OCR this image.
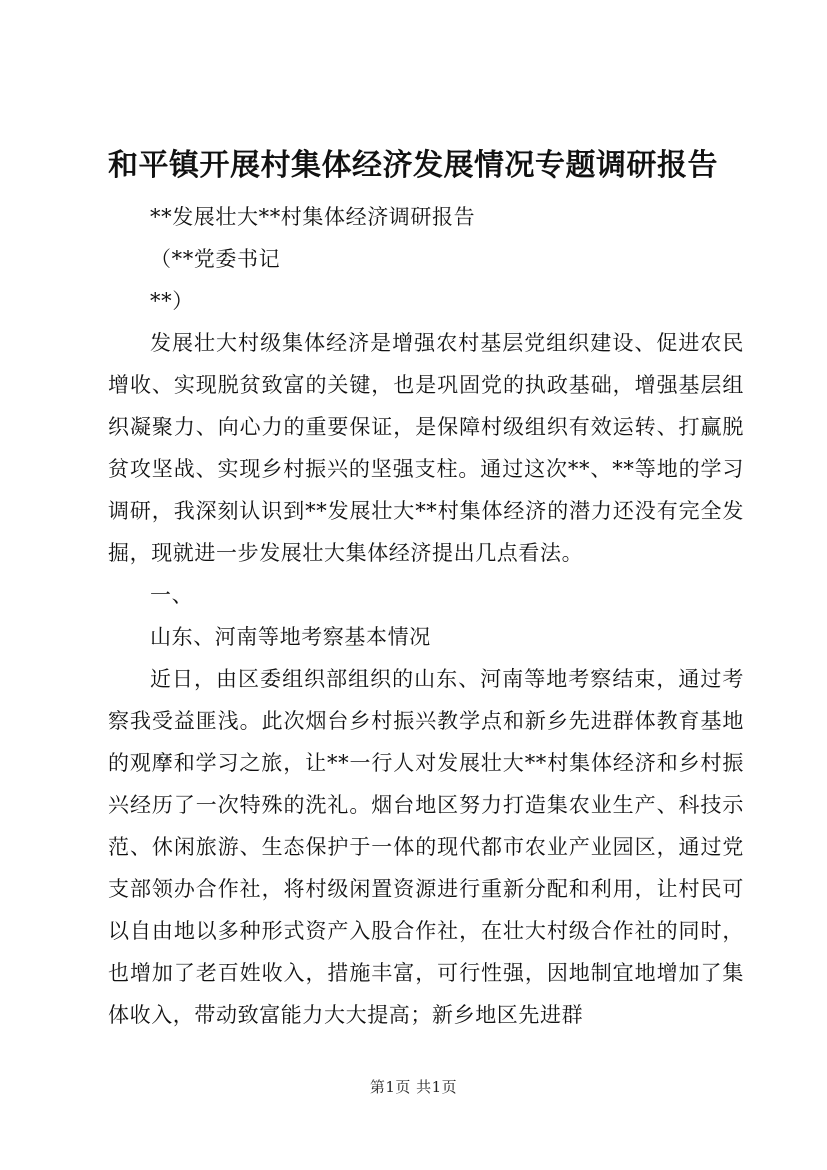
和平镇开展村集体经济发展情况专题调研报告

**发展壮大**村集体经济调研报告

（**党委书记

**）

发展壮大村级集体经济是增强农村基层党组织建设、促进农民增收、实现脱贫致富的关键，也是巩固党的执政基础，增强基层组织凝聚力、向心力的重要保证，是保障村级组织有效运转、打赢脱贫攻坚战、实现乡村振兴的坚强支柱。通过这次**、**等地的学习调研，我深刻认识到**发展壮大**村集体经济的潜力还没有完全发掘，现就进一步发展壮大集体经济提出几点看法。

一、

山东、河南等地考察基本情况

近日，由区委组织部组织的山东、河南等地考察结束，通过考察我受益匪浅。此次烟台乡村振兴教学点和新乡先进群体教育基地的观摩和学习之旅，让**一行人对发展壮大**村集体经济和乡村振兴经历了一次特殊的洗礼。烟台地区努力打造集农业生产、科技示范、休闲旅游、生态保护于一体的现代都市农业产业园区，通过党支部领办合作社，将村级闲置资源进行重新分配和利用，让村民可以自由地以多种形式资产入股合作社，在壮大村级合作社的同时，也增加了老百姓收入，措施丰富，可行性强，因地制宜地增加了集体收入，带动致富能力大大提高；新乡地区先进群

第1页 共1页
